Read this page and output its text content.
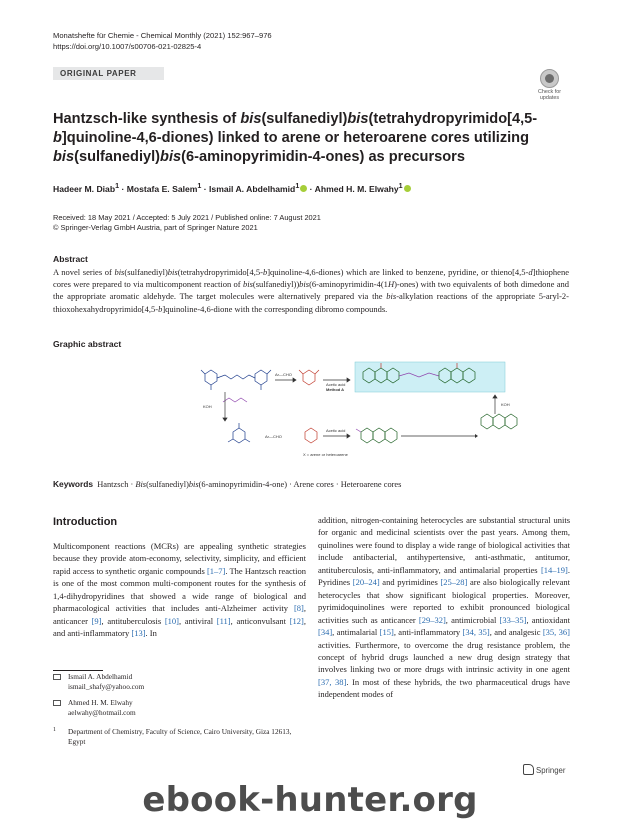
Monatshefte für Chemie - Chemical Monthly (2021) 152:967–976
https://doi.org/10.1007/s00706-021-02825-4
ORIGINAL PAPER
Check for updates
Hantzsch-like synthesis of bis(sulfanediyl)bis(tetrahydropyrimido[4,5-b]quinoline-4,6-diones) linked to arene or heteroarene cores utilizing bis(sulfanediyl)bis(6-aminopyrimidin-4-ones) as precursors
Hadeer M. Diab$^1$ · Mostafa E. Salem$^1$ · Ismail A. Abdelhamid$^1$ · Ahmed H. M. Elwahy$^1$
Received: 18 May 2021 / Accepted: 5 July 2021 / Published online: 7 August 2021
© Springer-Verlag GmbH Austria, part of Springer Nature 2021
Abstract
A novel series of bis(sulfanediyl)bis(tetrahydropyrimido[4,5-b]quinoline-4,6-diones) which are linked to benzene, pyridine, or thieno[4,5-d]thiophene cores were prepared to via multicomponent reaction of bis(sulfanediyl))bis(6-aminopyrimidin-4(1H)-ones) with two equivalents of both dimedone and the appropriate aromatic aldehyde. The target molecules were alternatively prepared via the bis-alkylation reactions of the appropriate 5-aryl-2-thioxohexahydropyrimido[4,5-b]quinoline-4,6-dione with the corresponding dibromo compounds.
Graphic abstract
Ar—CHO
Acetic acid
Method A
KOH	KOH
Ar—CHO
Acetic acid
X = arene or heteroarene
Keywords Hantzsch · Bis(sulfanediyl)bis(6-aminopyrimidin-4-one) · Arene cores · Heteroarene cores
Introduction
Multicomponent reactions (MCRs) are appealing synthetic strategies because they provide atom-economy, selectivity, simplicity, and efficient rapid access to synthetic organic compounds [1–7]. The Hantzsch reaction is one of the most common multi-component routes for the synthesis of 1,4-dihydropyridines that showed a wide range of biological and pharmacological activities that includes anti-Alzheimer activity [8], anticancer [9], antituberculosis [10], antiviral [11], anticonvulsant [12], and anti-inflammatory [13]. In
addition, nitrogen-containing heterocycles are substantial structural units for organic and medicinal scientists over the past years. Among them, quinolines were found to display a wide range of biological activities that include antibacterial, antihypertensive, anti-asthmatic, antitumor, antituberculosis, anti-inflammatory, and antimalarial properties [14–19]. Pyridines [20–24] and pyrimidines [25–28] are also biologically relevant heterocycles that show significant biological properties. Moreover, pyrimidoquinolines were reported to exhibit pronounced biological activities such as anticancer [29–32], antimicrobial [33–35], antioxidant [34], antimalarial [15], anti-inflammatory [34, 35], and analgesic [35, 36] activities. Furthermore, to overcome the drug resistance problem, the concept of hybrid drugs launched a new drug design strategy that involves linking two or more drugs with intrinsic activity in one agent [37, 38]. In most of these hybrids, the two pharmaceutical drugs have independent modes of
Ismail A. Abdelhamid
ismail_shafy@yahoo.com
Ahmed H. M. Elwahy
aelwahy@hotmail.com
1	Department of Chemistry, Faculty of Science, Cairo University, Giza 12613, Egypt
Springer
ebook-hunter.org
